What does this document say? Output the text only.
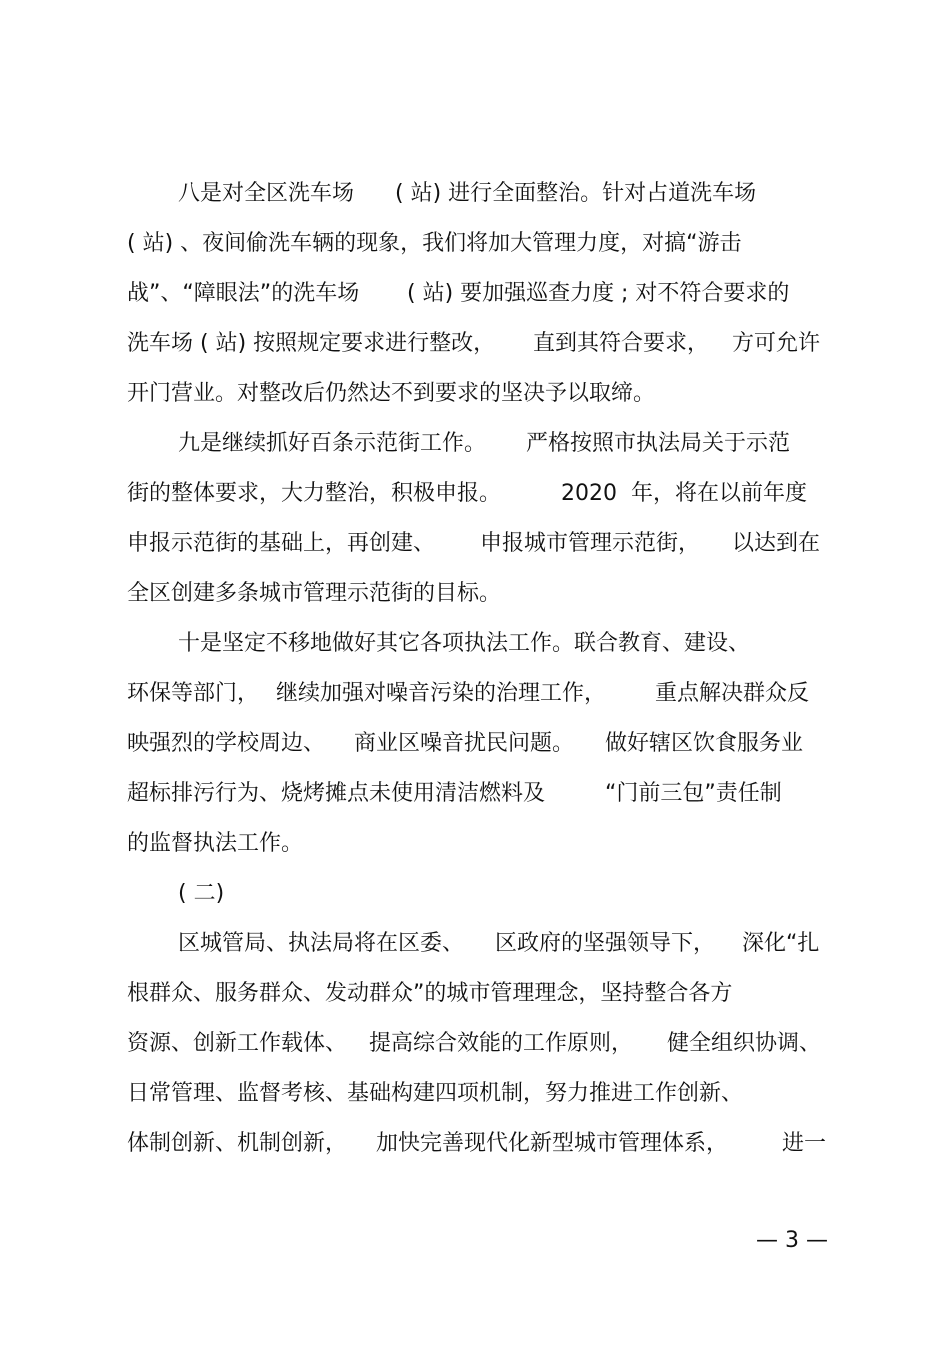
八是对全区洗车场

( 站) 进行全面整治。针对占道洗车场

( 站) 、夜间偷洗车辆的现象，我们将加大管理力度，对搞“游击

战”、“障眼法”的洗车场

( 站) 要加强巡查力度

; 对不符合要求的

洗车场 ( 站) 按照规定要求进行整改，

直到其符合要求，

方可允许

开门营业。对整改后仍然达不到要求的坚决予以取缔。

九是继续抓好百条示范街工作。

严格按照市执法局关于示范

街的整体要求，大力整治，积极申报。

	2020  年，将在以前年度

申报示范街的基础上，再创建、

申报城市管理示范街，

以达到在

全区创建多条城市管理示范街的目标。

十是坚定不移地做好其它各项执法工作。联合教育、建设、

环保等部门，

继续加强对噪音污染的治理工作，

重点解决群众反

映强烈的学校周边、

商业区噪音扰民问题。

做好辖区饮食服务业

超标排污行为、烧烤摊点未使用清洁燃料及

	“门前三包”责任制

的监督执法工作。

( 二)

区城管局、执法局将在区委、

区政府的坚强领导下，

深化“扎

根群众、服务群众、发动群众”的城市管理理念，坚持整合各方

资源、创新工作载体、

提高综合效能的工作原则，

健全组织协调、

日常管理、监督考核、基础构建四项机制，努力推进工作创新、

体制创新、机制创新，

加快完善现代化新型城市管理体系，

进一

— 3 —
